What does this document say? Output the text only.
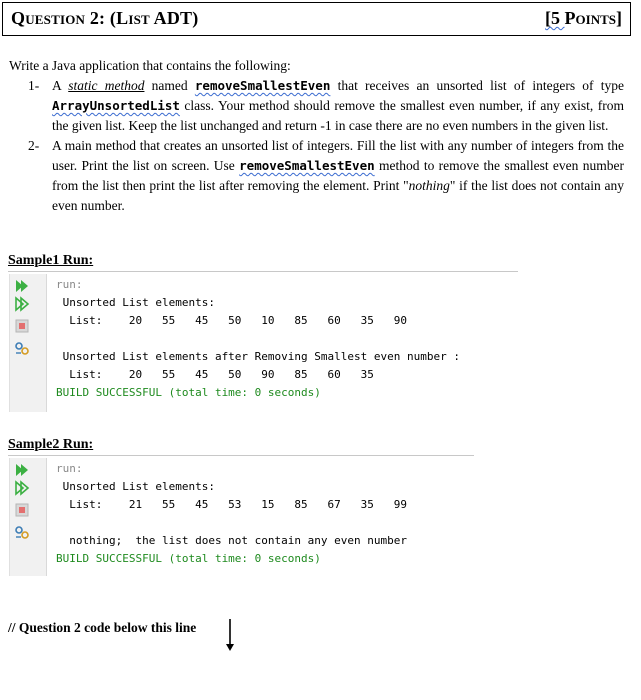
Question 2: (List ADT)	[5 Points]
Write a Java application that contains the following:
1- A static method named removeSmallestEven that receives an unsorted list of integers of type ArrayUnsortedList class. Your method should remove the smallest even number, if any exist, from the given list. Keep the list unchanged and return -1 in case there are no even numbers in the given list.
2- A main method that creates an unsorted list of integers. Fill the list with any number of integers from the user. Print the list on screen. Use removeSmallestEven method to remove the smallest even number from the list then print the list after removing the element. Print "nothing" if the list does not contain any even number.
Sample1 Run:
run:
Unsorted List elements:
List:    20   55   45   50   10   85   60   35   90

Unsorted List elements after Removing Smallest even number :
List:    20   55   45   50   90   85   60   35
BUILD SUCCESSFUL (total time: 0 seconds)
Sample2 Run:
run:
Unsorted List elements:
List:    21   55   45   53   15   85   67   35   99

nothing;  the list does not contain any even number
BUILD SUCCESSFUL (total time: 0 seconds)
// Question 2 code below this line
